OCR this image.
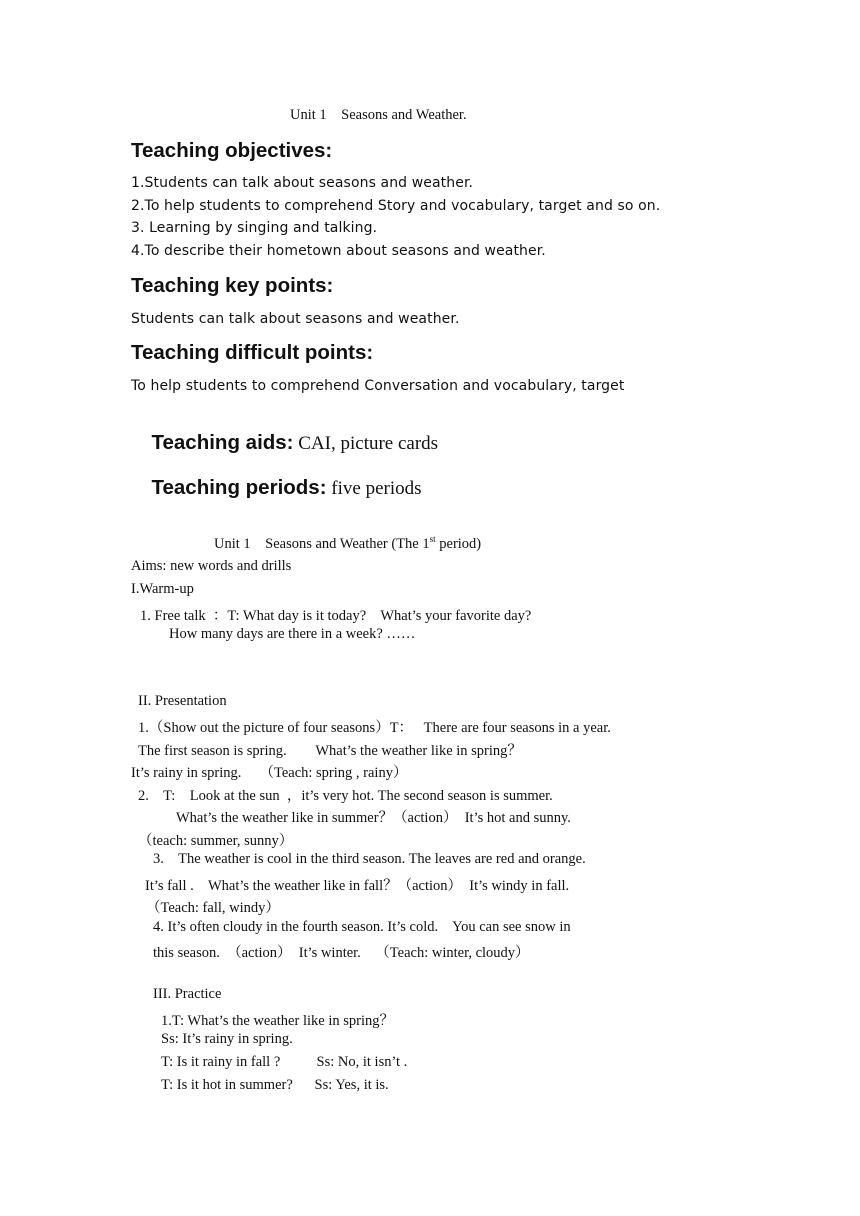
Unit 1    Seasons and Weather.
Teaching objectives:
1.Students can talk about seasons and weather.
2.To help students to comprehend Story and vocabulary, target and so on.
3. Learning by singing and talking.
4.To describe their hometown about seasons and weather.
Teaching key points:
Students can talk about seasons and weather.
Teaching difficult points:
To help students to comprehend Conversation and vocabulary, target

Teaching aids: CAI, picture cards

Teaching periods: five periods

Unit 1    Seasons and Weather (The 1st period)
Aims: new words and drills
I.Warm-up
1. Free talk  ：T: What day is it today?    What’s your favorite day?
How many days are there in a week? ……
II. Presentation
1.（Show out the picture of four seasons）T：   There are four seasons in a year.
The first season is spring.        What’s the weather like in spring？
It’s rainy in spring.     （Teach: spring , rainy）
2.    T:    Look at the sun  ，it’s very hot. The second season is summer.
What’s the weather like in summer？（action）  It’s hot and sunny.
（teach: summer, sunny）
3.    The weather is cool in the third season. The leaves are red and orange.
It’s fall .    What’s the weather like in fall？（action）  It’s windy in fall.
（Teach: fall, windy）
4. It’s often cloudy in the fourth season. It’s cold.    You can see snow in
this season.  （action）  It’s winter.    （Teach: winter, cloudy）
III. Practice
1.T: What’s the weather like in spring？
Ss: It’s rainy in spring.
T: Is it rainy in fall ?          Ss: No, it isn’t .
T: Is it hot in summer?      Ss: Yes, it is.
